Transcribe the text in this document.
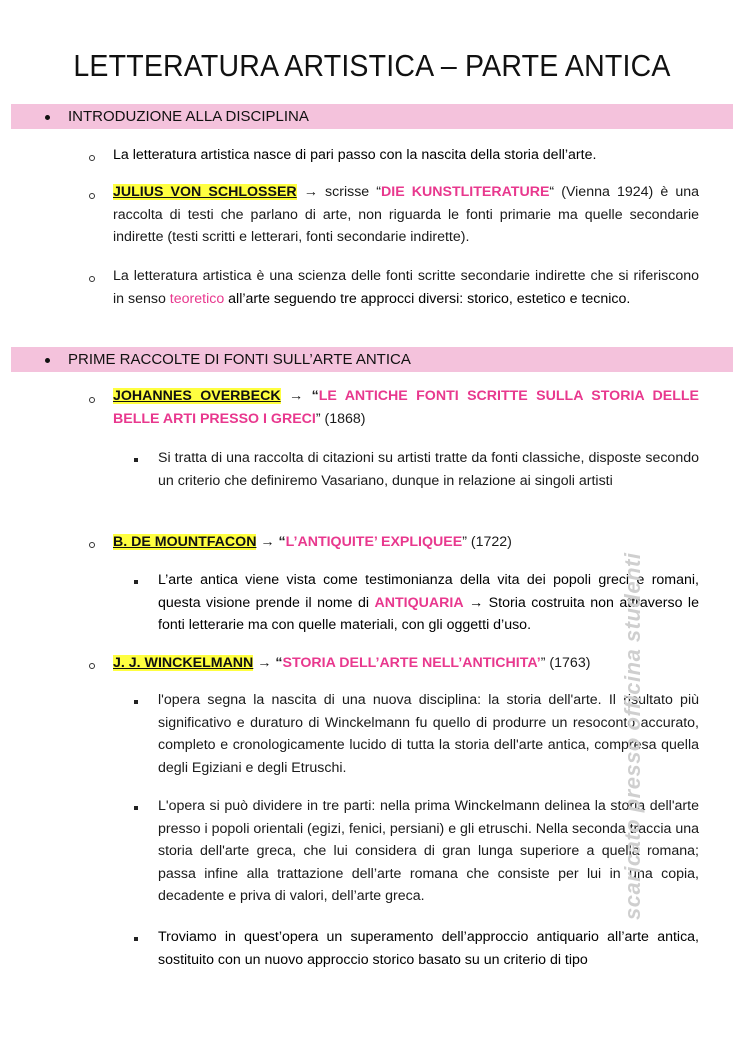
LETTERATURA ARTISTICA – PARTE ANTICA
INTRODUZIONE ALLA DISCIPLINA
La letteratura artistica nasce di pari passo con la nascita della storia dell’arte.
JULIUS VON SCHLOSSER → scrisse “DIE KUNSTLITERATURE“ (Vienna 1924) è una raccolta di testi che parlano di arte, non riguarda le fonti primarie ma quelle secondarie indirette (testi scritti e letterari, fonti secondarie indirette).
La letteratura artistica è una scienza delle fonti scritte secondarie indirette che si riferiscono in senso teoretico all’arte seguendo tre approcci diversi: storico, estetico e tecnico.
PRIME RACCOLTE DI FONTI SULL’ARTE ANTICA
JOHANNES OVERBECK → “LE ANTICHE FONTI SCRITTE SULLA STORIA DELLE BELLE ARTI PRESSO I GRECI” (1868)
Si tratta di una raccolta di citazioni su artisti tratte da fonti classiche, disposte secondo un criterio che definiremo Vasariano, dunque in relazione ai singoli artisti
B. DE MOUNTFACON → “L’ANTIQUITE’ EXPLIQUEE” (1722)
L’arte antica viene vista come testimonianza della vita dei popoli greci e romani, questa visione prende il nome di ANTIQUARIA → Storia costruita non attraverso le fonti letterarie ma con quelle materiali, con gli oggetti d’uso.
J. J. WINCKELMANN → “STORIA DELL’ARTE NELL’ANTICHITA’” (1763)
l'opera segna la nascita di una nuova disciplina: la storia dell'arte. Il risultato più significativo e duraturo di Winckelmann fu quello di produrre un resoconto accurato, completo e cronologicamente lucido di tutta la storia dell'arte antica, compresa quella degli Egiziani e degli Etruschi.
L'opera si può dividere in tre parti: nella prima Winckelmann delinea la storia dell'arte presso i popoli orientali (egizi, fenici, persiani) e gli etruschi. Nella seconda traccia una storia dell'arte greca, che lui considera di gran lunga superiore a quella romana; passa infine alla trattazione dell’arte romana che consiste per lui in una copia, decadente e priva di valori, dell’arte greca.
Troviamo in quest’opera un superamento dell’approccio antiquario all’arte antica, sostituito con un nuovo approccio storico basato su un criterio di tipo
scaricato presso officina studenti
